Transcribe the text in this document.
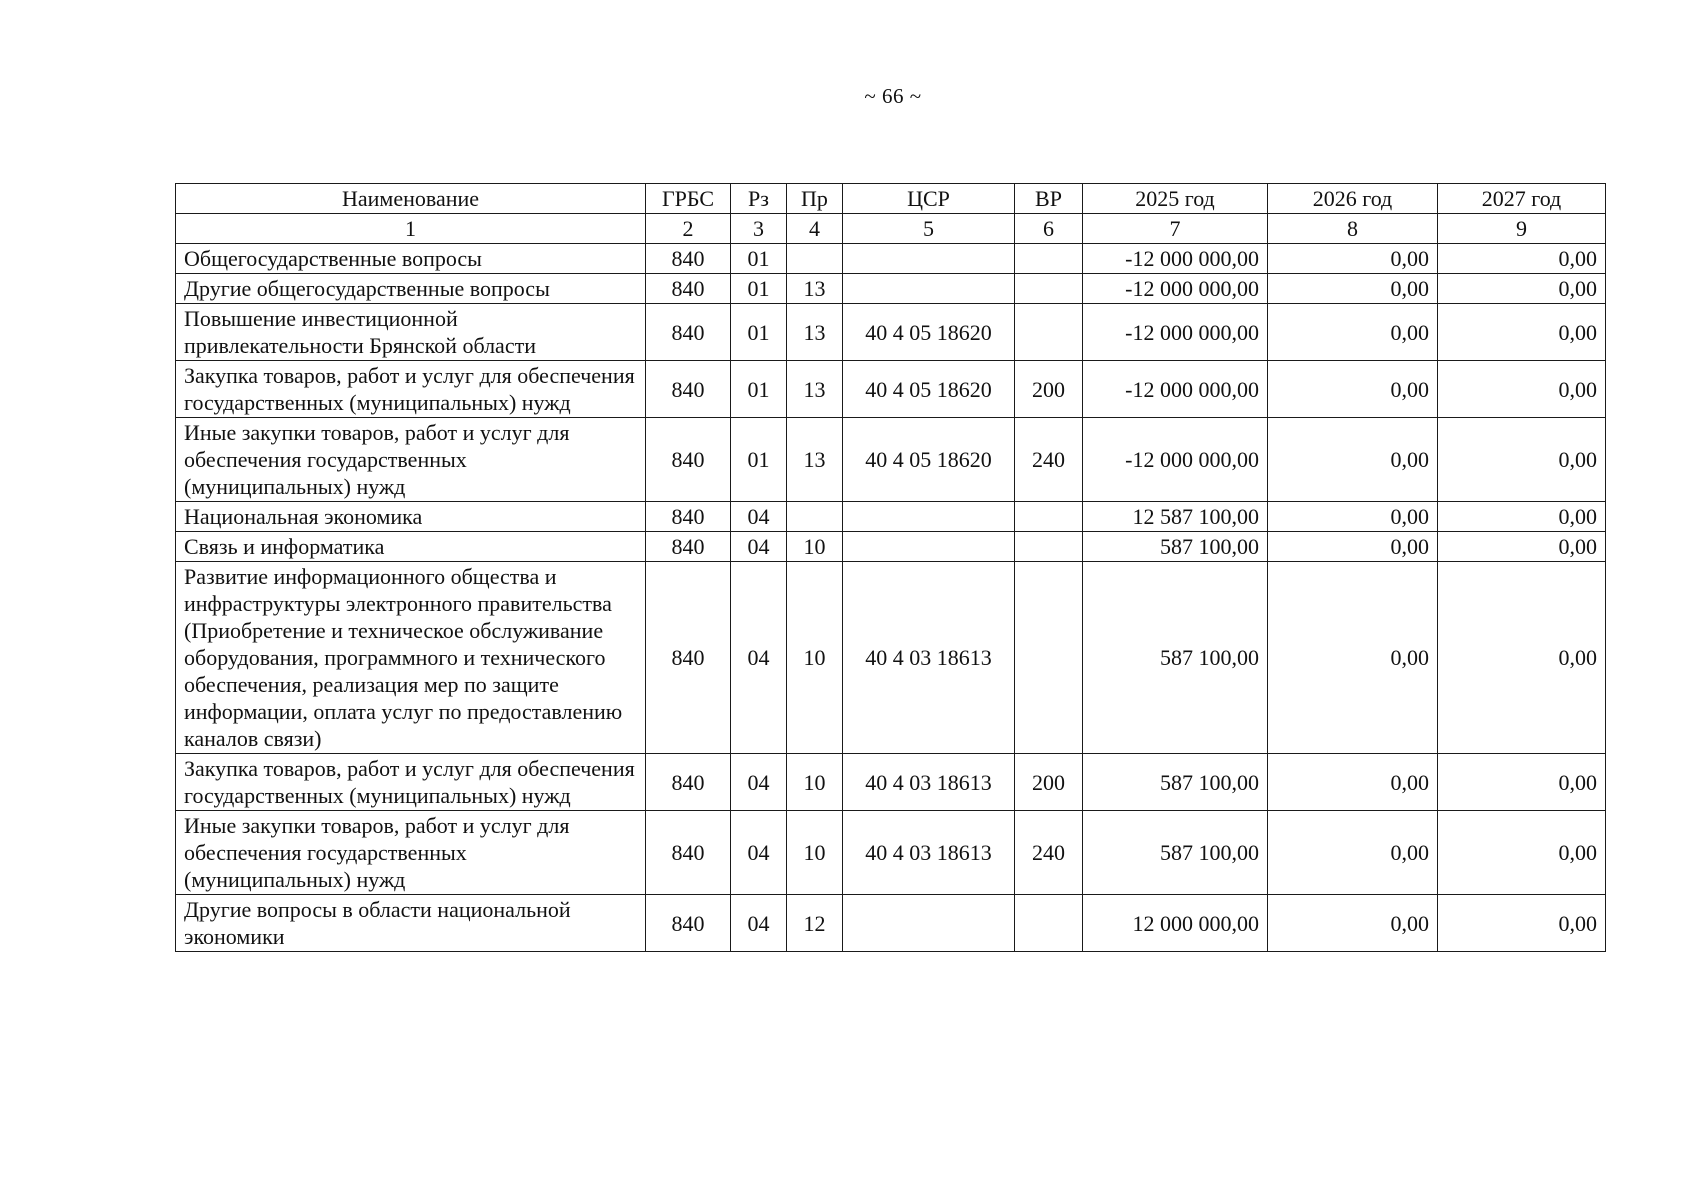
~ 66 ~
Наименование	ГРБС	Рз	Пр	ЦСР	ВР	2025 год	2026 год	2027 год
1	2	3	4	5	6	7	8	9
Общегосударственные вопросы	840	01				-12 000 000,00	0,00	0,00
Другие общегосударственные вопросы	840	01	13			-12 000 000,00	0,00	0,00
Повышение инвестиционной привлекательности Брянской области	840	01	13	40 4 05 18620		-12 000 000,00	0,00	0,00
Закупка товаров, работ и услуг для обеспечения государственных (муниципальных) нужд	840	01	13	40 4 05 18620	200	-12 000 000,00	0,00	0,00
Иные закупки товаров, работ и услуг для обеспечения государственных (муниципальных) нужд	840	01	13	40 4 05 18620	240	-12 000 000,00	0,00	0,00
Национальная экономика	840	04				12 587 100,00	0,00	0,00
Связь и информатика	840	04	10			587 100,00	0,00	0,00
Развитие информационного общества и инфраструктуры электронного правительства (Приобретение и техническое обслуживание оборудования, программного и технического обеспечения, реализация мер по защите информации, оплата услуг по предоставлению каналов связи)	840	04	10	40 4 03 18613		587 100,00	0,00	0,00
Закупка товаров, работ и услуг для обеспечения государственных (муниципальных) нужд	840	04	10	40 4 03 18613	200	587 100,00	0,00	0,00
Иные закупки товаров, работ и услуг для обеспечения государственных (муниципальных) нужд	840	04	10	40 4 03 18613	240	587 100,00	0,00	0,00
Другие вопросы в области национальной экономики	840	04	12			12 000 000,00	0,00	0,00
